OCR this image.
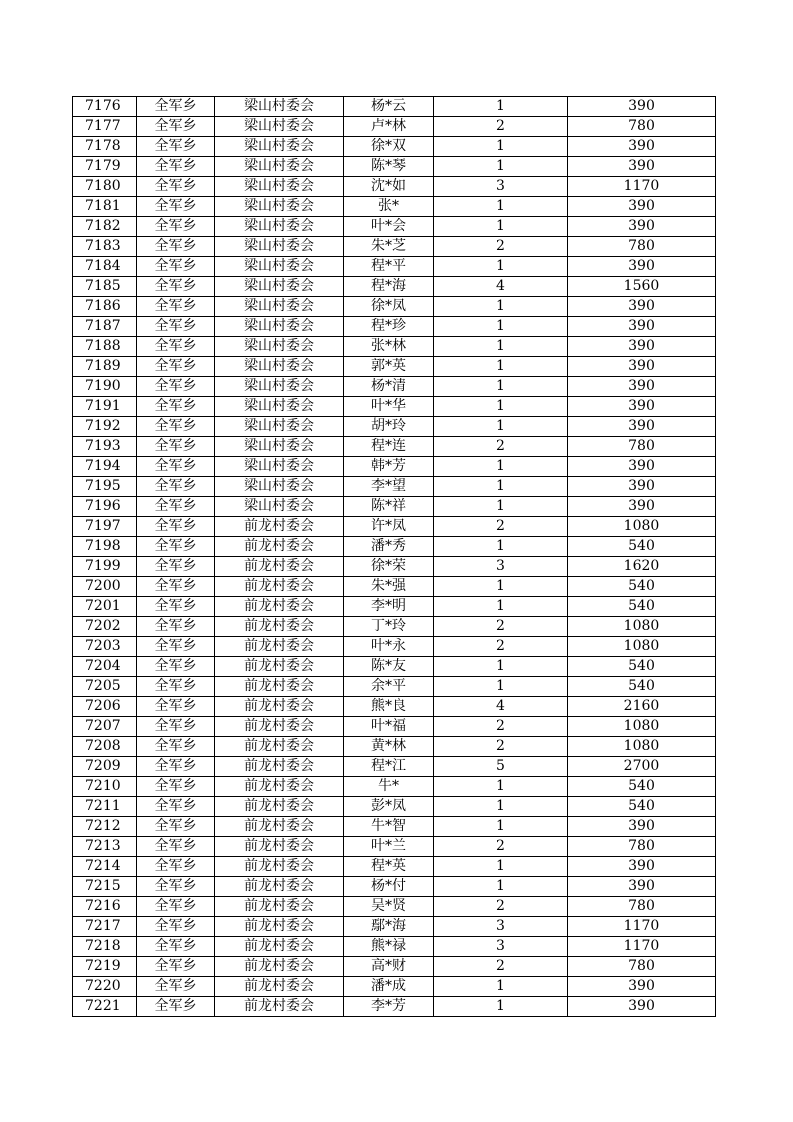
7176	全军乡	梁山村委会	杨*云	1	390
7177	全军乡	梁山村委会	卢*林	2	780
7178	全军乡	梁山村委会	徐*双	1	390
7179	全军乡	梁山村委会	陈*琴	1	390
7180	全军乡	梁山村委会	沈*如	3	1170
7181	全军乡	梁山村委会	张*	1	390
7182	全军乡	梁山村委会	叶*会	1	390
7183	全军乡	梁山村委会	朱*芝	2	780
7184	全军乡	梁山村委会	程*平	1	390
7185	全军乡	梁山村委会	程*海	4	1560
7186	全军乡	梁山村委会	徐*凤	1	390
7187	全军乡	梁山村委会	程*珍	1	390
7188	全军乡	梁山村委会	张*林	1	390
7189	全军乡	梁山村委会	郭*英	1	390
7190	全军乡	梁山村委会	杨*清	1	390
7191	全军乡	梁山村委会	叶*华	1	390
7192	全军乡	梁山村委会	胡*玲	1	390
7193	全军乡	梁山村委会	程*连	2	780
7194	全军乡	梁山村委会	韩*芳	1	390
7195	全军乡	梁山村委会	李*望	1	390
7196	全军乡	梁山村委会	陈*祥	1	390
7197	全军乡	前龙村委会	许*凤	2	1080
7198	全军乡	前龙村委会	潘*秀	1	540
7199	全军乡	前龙村委会	徐*荣	3	1620
7200	全军乡	前龙村委会	朱*强	1	540
7201	全军乡	前龙村委会	李*明	1	540
7202	全军乡	前龙村委会	丁*玲	2	1080
7203	全军乡	前龙村委会	叶*永	2	1080
7204	全军乡	前龙村委会	陈*友	1	540
7205	全军乡	前龙村委会	余*平	1	540
7206	全军乡	前龙村委会	熊*良	4	2160
7207	全军乡	前龙村委会	叶*福	2	1080
7208	全军乡	前龙村委会	黄*林	2	1080
7209	全军乡	前龙村委会	程*江	5	2700
7210	全军乡	前龙村委会	牛*	1	540
7211	全军乡	前龙村委会	彭*凤	1	540
7212	全军乡	前龙村委会	牛*智	1	390
7213	全军乡	前龙村委会	叶*兰	2	780
7214	全军乡	前龙村委会	程*英	1	390
7215	全军乡	前龙村委会	杨*付	1	390
7216	全军乡	前龙村委会	吴*贤	2	780
7217	全军乡	前龙村委会	鄢*海	3	1170
7218	全军乡	前龙村委会	熊*禄	3	1170
7219	全军乡	前龙村委会	高*财	2	780
7220	全军乡	前龙村委会	潘*成	1	390
7221	全军乡	前龙村委会	李*芳	1	390
